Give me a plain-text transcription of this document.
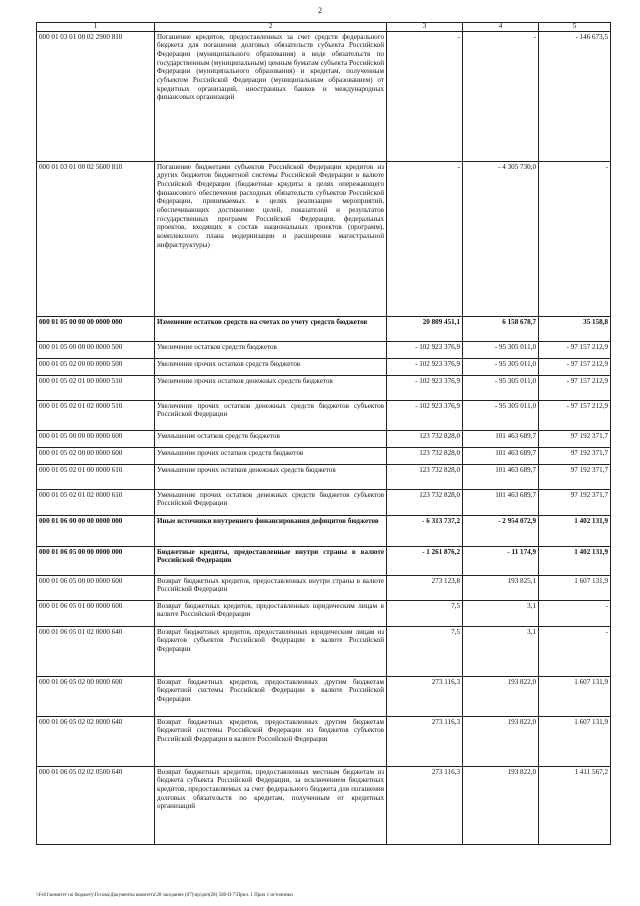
2
1	2	3	4	5
000 01 03 01 00 02 2900 810	Погашение кредитов, предоставленных за счет средств федерального бюджета для погашения долговых обязательств субъекта Российской Федерации (муниципального образования) в виде обязательств по государственным (муниципальным) ценным бумагам субъекта Российской Федерации (муниципального образования) и кредитам, полученным субъектом Российской Федерации (муниципальным образованием) от кредитных организаций, иностранных банков и международных финансовых организаций	-	-	- 146 673,5
000 01 03 01 00 02 5600 810	Погашение бюджетами субъектов Российской Федерации кредитов из других бюджетов бюджетной системы Российской Федерации в валюте Российской Федерации (бюджетные кредиты в целях опережающего финансового обеспечения расходных обязательств субъектов Российской Федерации, принимаемых в целях реализации мероприятий, обеспечивающих достижение целей, показателей и результатов государственных программ Российской Федерации, федеральных проектов, входящих в состав национальных проектов (программ), комплексного плана модернизации и расширения магистральной инфраструктуры)	-	- 4 305 730,0	-
000 01 05 00 00 00 0000 000	Изменение остатков средств на счетах по учету средств бюджетов	20 809 451,1	6 158 678,7	35 158,8
000 01 05 00 00 00 0000 500	Увеличение остатков средств бюджетов	- 102 923 376,9	- 95 305 011,0	- 97 157 212,9
000 01 05 02 00 00 0000 500	Увеличение прочих остатков средств бюджетов	- 102 923 376,9	- 95 305 011,0	- 97 157 212,9
000 01 05 02 01 00 0000 510	Увеличение прочих остатков денежных средств бюджетов	- 102 923 376,9	- 95 305 011,0	- 97 157 212,9
000 01 05 02 01 02 0000 510	Увеличение прочих остатков денежных средств бюджетов субъектов Российской Федерации	- 102 923 376,9	- 95 305 011,0	- 97 157 212,9
000 01 05 00 00 00 0000 600	Уменьшение остатков средств бюджетов	123 732 828,0	101 463 689,7	97 192 371,7
000 01 05 02 00 00 0000 600	Уменьшение прочих остатков средств бюджетов	123 732 828,0	101 463 689,7	97 192 371,7
000 01 05 02 01 00 0000 610	Уменьшение прочих остатков денежных средств бюджетов	123 732 828,0	101 463 689,7	97 192 371,7
000 01 05 02 01 02 0000 610	Уменьшение прочих остатков денежных средств бюджетов субъектов Российской Федерации	123 732 828,0	101 463 689,7	97 192 371,7
000 01 06 00 00 00 0000 000	Иные источники внутреннего финансирования дефицитов бюджетов	- 6 313 737,2	- 2 954 072,9	1 402 131,9
000 01 06 05 00 00 0000 000	Бюджетные кредиты, предоставленные внутри страны в валюте Российской Федерации	- 1 261 876,2	- 11 174,9	1 402 131,9
000 01 06 05 00 00 0000 600	Возврат бюджетных кредитов, предоставленных внутри страны в валюте Российской Федерации	273 123,8	193 825,1	1 607 131,9
000 01 06 05 01 00 0000 600	Возврат бюджетных кредитов, предоставленных юридическим лицам в валюте Российской Федерации	7,5	3,1	-
000 01 06 05 01 02 0000 640	Возврат бюджетных кредитов, предоставленных юридическим лицам из бюджетов субъектов Российской Федерации в валюте Российской Федерации	7,5	3,1	-
000 01 06 05 02 00 0000 600	Возврат бюджетных кредитов, предоставленных другим бюджетам бюджетной системы Российской Федерации в валюте Российской Федерации	273 116,3	193 822,0	1 607 131,9
000 01 06 05 02 02 0000 640	Возврат бюджетных кредитов, предоставленных другим бюджетам бюджетной системы Российской Федерации из бюджетов субъектов Российской Федерации в валюте Российской Федерации	273 116,3	193 822,0	1 607 131,9
000 01 06 05 02 02 0500 640	Возврат бюджетных кредитов, предоставленных местным бюджетам из бюджета субъекта Российской Федерации, за исключением бюджетных кредитов, предоставляемых за счет федерального бюджета для погашения долговых обязательств по кредитам, полученным от кредитных организаций	273 116,3	193 822,0	1 411 567,2
\\Fs01\комитет по бюджету\Гесова\Документы комитета\28 заседание (07)\пр\доп(28) 508-II-7\Прил. 1 Прил 1 источники
